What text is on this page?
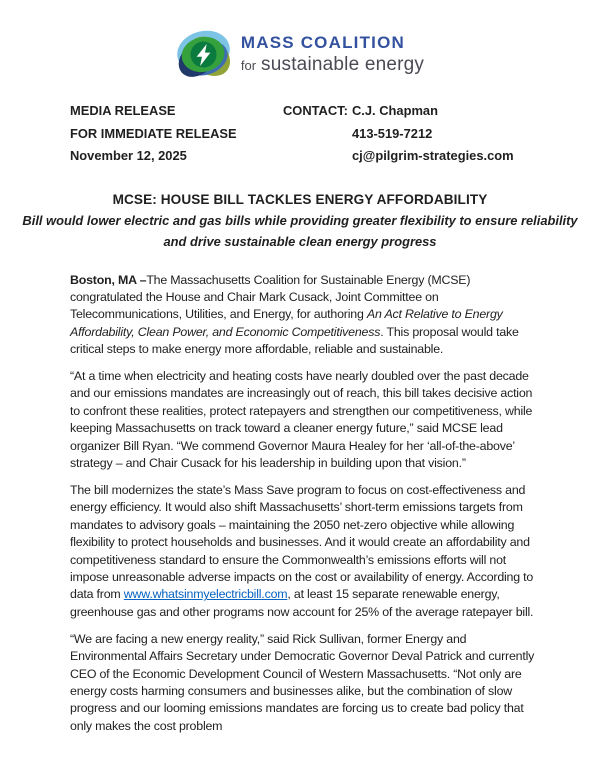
MASS COALITION
for sustainable energy
MEDIA RELEASE	CONTACT: C.J. Chapman
FOR IMMEDIATE RELEASE	413-519-7212
November 12, 2025	cj@pilgrim-strategies.com
MCSE: HOUSE BILL TACKLES ENERGY AFFORDABILITY
Bill would lower electric and gas bills while providing greater flexibility to ensure reliability
and drive sustainable clean energy progress

Boston, MA –The Massachusetts Coalition for Sustainable Energy (MCSE) congratulated the House and Chair Mark Cusack, Joint Committee on Telecommunications, Utilities, and Energy, for authoring An Act Relative to Energy Affordability, Clean Power, and Economic Competitiveness. This proposal would take critical steps to make energy more affordable, reliable and sustainable.

“At a time when electricity and heating costs have nearly doubled over the past decade and our emissions mandates are increasingly out of reach, this bill takes decisive action to confront these realities, protect ratepayers and strengthen our competitiveness, while keeping Massachusetts on track toward a cleaner energy future,” said MCSE lead organizer Bill Ryan. “We commend Governor Maura Healey for her ‘all-of-the-above’ strategy – and Chair Cusack for his leadership in building upon that vision.”

The bill modernizes the state’s Mass Save program to focus on cost-effectiveness and energy efficiency. It would also shift Massachusetts’ short-term emissions targets from mandates to advisory goals – maintaining the 2050 net-zero objective while allowing flexibility to protect households and businesses. And it would create an affordability and competitiveness standard to ensure the Commonwealth’s emissions efforts will not impose unreasonable adverse impacts on the cost or availability of energy. According to data from www.whatsinmyelectricbill.com, at least 15 separate renewable energy, greenhouse gas and other programs now account for 25% of the average ratepayer bill.

“We are facing a new energy reality,” said Rick Sullivan, former Energy and Environmental Affairs Secretary under Democratic Governor Deval Patrick and currently CEO of the Economic Development Council of Western Massachusetts. “Not only are energy costs harming consumers and businesses alike, but the combination of slow progress and our looming emissions mandates are forcing us to create bad policy that only makes the cost problem
